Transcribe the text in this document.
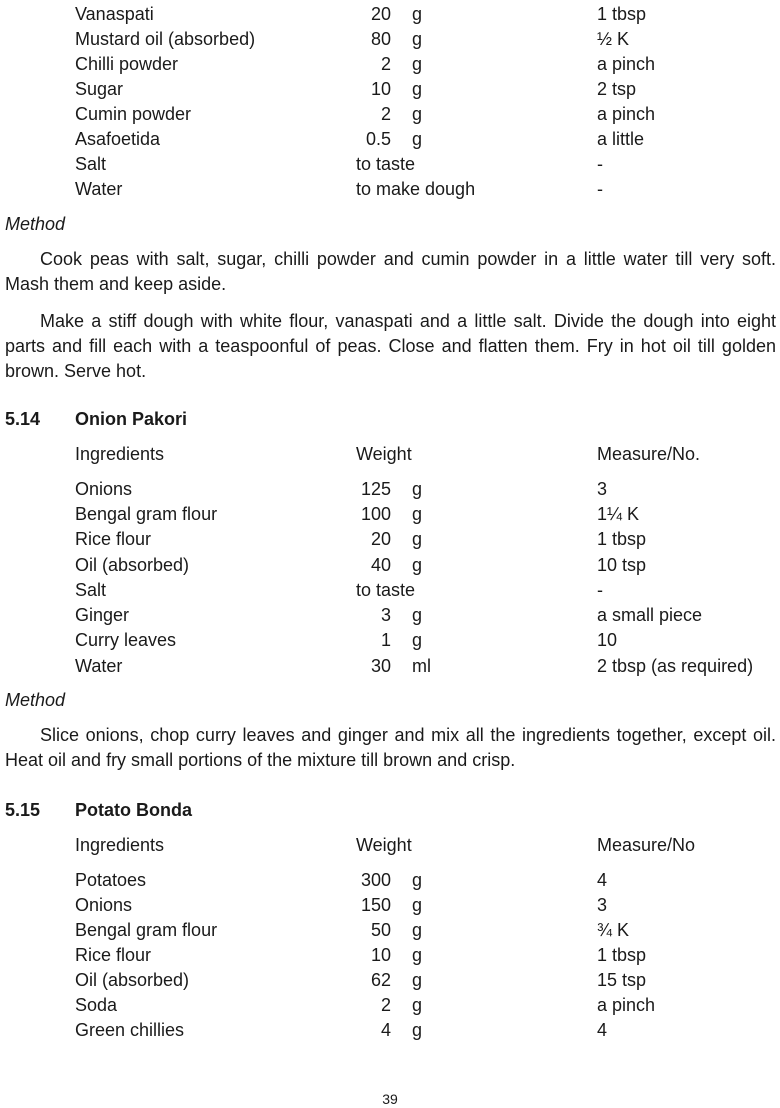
Vanaspati	20 g	1 tbsp
Mustard oil (absorbed)	80 g	½ K
Chilli powder	2 g	a pinch
Sugar	10 g	2 tsp
Cumin powder	2 g	a pinch
Asafoetida	0.5 g	a little
Salt	to taste	-
Water	to make dough	-
Method

Cook peas with salt, sugar, chilli powder and cumin powder in a little water till very soft. Mash them and keep aside.

Make a stiff dough with white flour, vanaspati and a little salt. Divide the dough into eight parts and fill each with a teaspoonful of peas. Close and flatten them. Fry in hot oil till golden brown. Serve hot.

5.14 Onion Pakori
Ingredients	Weight	Measure/No.
Onions	125 g	3
Bengal gram flour	100 g	1¼ K
Rice flour	20 g	1 tbsp
Oil (absorbed)	40 g	10 tsp
Salt	to taste	-
Ginger	3 g	a small piece
Curry leaves	1 g	10
Water	30 ml	2 tbsp (as required)
Method

Slice onions, chop curry leaves and ginger and mix all the ingredients together, except oil. Heat oil and fry small portions of the mixture till brown and crisp.

5.15 Potato Bonda
Ingredients	Weight	Measure/No
Potatoes	300 g	4
Onions	150 g	3
Bengal gram flour	50 g	¾ K
Rice flour	10 g	1 tbsp
Oil (absorbed)	62 g	15 tsp
Soda	2 g	a pinch
Green chillies	4 g	4
39
